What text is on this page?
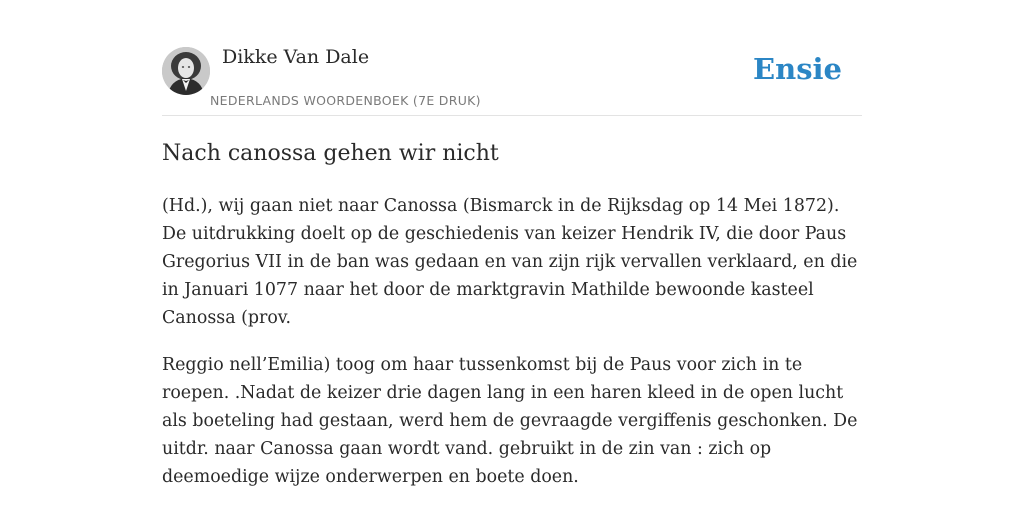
Dikke Van Dale
NEDERLANDS WOORDENBOEK (7E DRUK)
Ensie
Nach canossa gehen wir nicht

(Hd.), wij gaan niet naar Canossa (Bismarck in de Rijksdag op 14 Mei 1872). De uitdrukking doelt op de geschiedenis van keizer Hendrik IV, die door Paus Gregorius VII in de ban was gedaan en van zijn rijk vervallen verklaard, en die in Januari 1077 naar het door de marktgravin Mathilde bewoonde kasteel Canossa (prov.

Reggio nell’Emilia) toog om haar tussenkomst bij de Paus voor zich in te roepen. .Nadat de keizer drie dagen lang in een haren kleed in de open lucht als boeteling had gestaan, werd hem de gevraagde vergiffenis geschonken. De uitdr. naar Canossa gaan wordt vand. gebruikt in de zin van : zich op deemoedige wijze onderwerpen en boete doen.
